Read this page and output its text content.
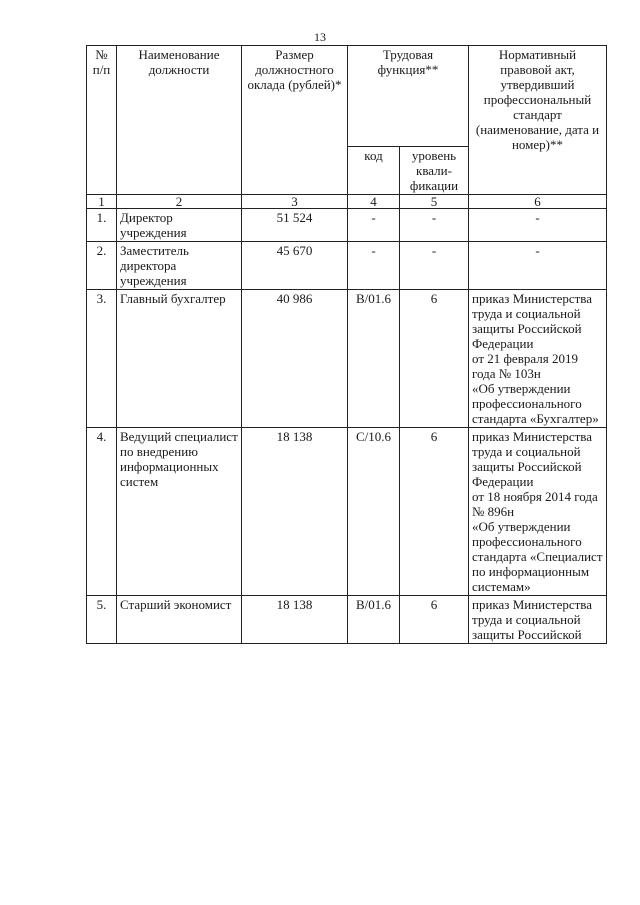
13
№ п/п	Наименование должности	Размер должностного оклада (рублей)*	Трудовая функция**		Нормативный правовой акт, утвердивший профессиональный стандарт (наименование, дата и номер)**
			код	уровень квали-фикации	
1	2	3	4	5	6
1.	Директор учреждения	51 524	-	-	-

2.	Заместитель директора учреждения	45 670	-	-	-

3.	Главный бухгалтер	40 986	B/01.6	6	приказ Министерства труда и социальной защиты Российской Федерации
от 21 февраля 2019 года № 103н
«Об утверждении профессионального стандарта «Бухгалтер»

4.	Ведущий специалист по внедрению информационных систем	18 138	C/10.6	6	приказ Министерства труда и социальной защиты Российской Федерации
от 18 ноября 2014 года № 896н
«Об утверждении профессионального стандарта «Специалист по информационным системам»

5.	Старший экономист	18 138	B/01.6	6	приказ Министерства труда и социальной защиты Российской
